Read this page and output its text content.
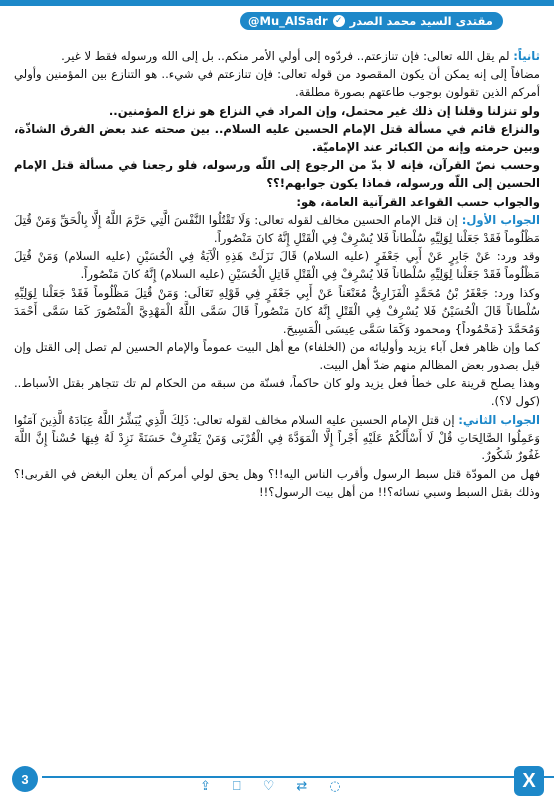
مقتدى السيد محمد الصدر
✓
@Mu_AlSadr

ثانياً: لم يقل الله تعالى: فإن تنازعتم.. فردّوه إلى أولي الأمر منكم.. بل إلى الله ورسوله فقط لا غير.

مضافاً إلى إنه يمكن أن يكون المقصود من قوله تعالى: فإن تنازعتم في شيء.. هو التنازع بين المؤمنين وأولي أمركم الذين تقولون بوجوب طاعتهم بصورة مطلقة.

ولو تنزلنا وقلنا إن ذلك غير محتمل، وإن المراد في النزاع هو نزاع المؤمنين..

والنزاع قائم في مسألة قتل الإمام الحسين عليه السلام.. بين صحته عند بعض الفرق الشاذّة، وبين حرمته وإنه من الكبائر عند الإماميّة.

وحسب نصّ القرآن، فإنه لا بدّ من الرجوع إلى اللّه ورسوله، فلو رجعنا في مسألة قتل الإمام الحسين إلى اللّه ورسوله، فماذا يكون جوابهم!؟؟

والجواب حسب القواعد القرآنية العامة، هو:

الجواب الأول: إن قتل الإمام الحسين مخالف لقوله تعالى: وَلَا تَقْتُلُوا النَّفْسَ الَّتِي حَرَّمَ اللَّهُ إِلَّا بِالْحَقِّ وَمَنْ قُتِلَ مَظْلُوماً فَقَدْ جَعَلْنا لِوَلِيِّهِ سُلْطاناً فَلا يُسْرِفْ فِي الْقَتْلِ إِنَّهُ كانَ مَنْصُوراً.

وقد ورد: عَنْ جَابِرٍ عَنْ أَبِي جَعْفَرٍ (عليه السلام) قَالَ نَزَلَتْ هَذِهِ الْآيَةُ فِي الْحُسَيْنِ (عليه السلام) وَمَنْ قُتِلَ مَظْلُوماً فَقَدْ جَعَلْنا لِوَلِيِّهِ سُلْطاناً فَلا يُسْرِفْ فِي الْقَتْلِ قَاتِلِ الْحُسَيْنِ (عليه السلام) إِنَّهُ كانَ مَنْصُوراً.

وكذا ورد: جَعْفَرُ بْنُ مُحَمَّدٍ الْفَزَارِيُّ مُعَنْعَناً عَنْ أَبِي جَعْفَرٍ فِي قَوْلِهِ تَعَالَى: وَمَنْ قُتِلَ مَظْلُوماً فَقَدْ جَعَلْنا لِوَلِيِّهِ سُلْطاناً قَالَ الْحُسَيْنُ فَلا يُسْرِفْ فِي الْقَتْلِ إِنَّهُ كانَ مَنْصُوراً قَالَ سَمَّى اللَّهُ الْمَهْدِيَّ الْمَنْصُورَ كَمَا سَمَّى أَحْمَدَ وَمُحَمَّدَ {مَحْمُوداً} ومحمود وَكَمَا سَمَّى عِيسَى الْمَسِيحَ.

كما وإن ظاهر فعل آباء يزيد وأوليائه من (الخلفاء) مع أهل البيت عموماً والإمام الحسين لم تصل إلى القتل وإن قيل بصدور بعض المظالم منهم ضدّ أهل البيت.

وهذا يصلح قرينة على خطأ فعل يزيد ولو كان حاكماً، فسنّة من سبقه من الحكام لم تك تتجاهر بقتل الأسباط.. (كول لا؟).

الجواب الثاني: إن قتل الإمام الحسين عليه السلام مخالف لقوله تعالى: ذَلِكَ الَّذِي يُبَشِّرُ اللَّهُ عِبَادَهُ الَّذِينَ آمَنُوا وَعَمِلُوا الصَّالِحَاتِ قُلْ لَا أَسْأَلُكُمْ عَلَيْهِ أَجْراً إِلَّا الْمَوَدَّةَ فِي الْقُرْبَى وَمَنْ يَقْتَرِفْ حَسَنَةً نَزِدْ لَهُ فِيهَا حُسْناً إِنَّ اللَّهَ غَفُورٌ شَكُورٌ.

فهل من المودّة قتل سبط الرسول وأقرب الناس اليه!!؟ وهل يحق لولي أمركم أن يعلن البغض في القربى!؟ وذلك بقتل السبط وسبي نسائه؟!! من أهل بيت الرسول؟!!

3	⇪ ⎕ ♡ ⇄ ◌	X
